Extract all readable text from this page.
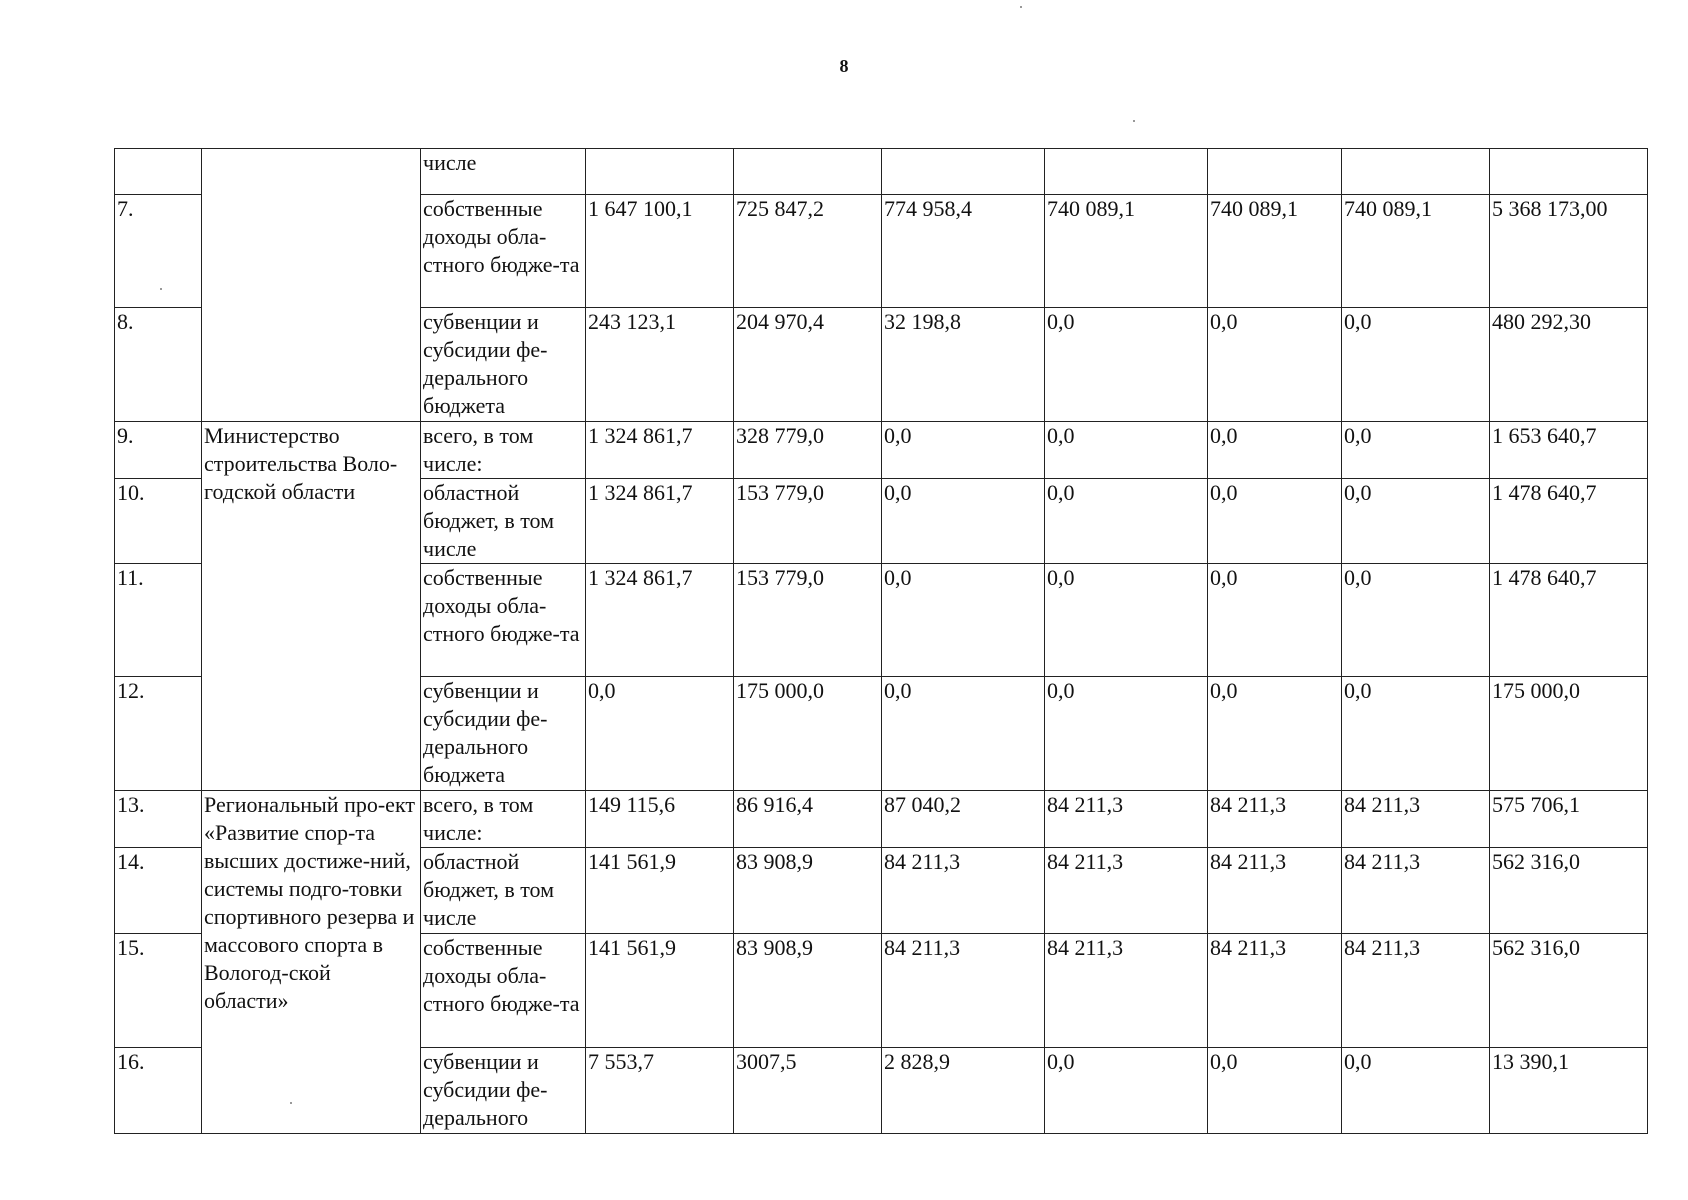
8
		числе							
7.		собственные доходы обла-стного бюдже-та	1 647 100,1	725 847,2	774 958,4	740 089,1	740 089,1	740 089,1	5 368 173,00
8.		субвенции и субсидии фе-дерального бюджета	243 123,1	204 970,4	32 198,8	0,0	0,0	0,0	480 292,30
9.	Министерство строительства Воло-годской области	всего, в том числе:	1 324 861,7	328 779,0	0,0	0,0	0,0	0,0	1 653 640,7
10.		областной бюджет, в том числе	1 324 861,7	153 779,0	0,0	0,0	0,0	0,0	1 478 640,7
11.		собственные доходы обла-стного бюдже-та	1 324 861,7	153 779,0	0,0	0,0	0,0	0,0	1 478 640,7
12.		субвенции и субсидии фе-дерального бюджета	0,0	175 000,0	0,0	0,0	0,0	0,0	175 000,0
13.	Региональный про-ект «Развитие спор-та высших достиже-ний, системы подго-товки спортивного резерва и массового спорта в Вологод-ской области»	всего, в том числе:	149 115,6	86 916,4	87 040,2	84 211,3	84 211,3	84 211,3	575 706,1
14.		областной бюджет, в том числе	141 561,9	83 908,9	84 211,3	84 211,3	84 211,3	84 211,3	562 316,0
15.		собственные доходы обла-стного бюдже-та	141 561,9	83 908,9	84 211,3	84 211,3	84 211,3	84 211,3	562 316,0
16.		субвенции и субсидии фе-дерального	7 553,7	3007,5	2 828,9	0,0	0,0	0,0	13 390,1
